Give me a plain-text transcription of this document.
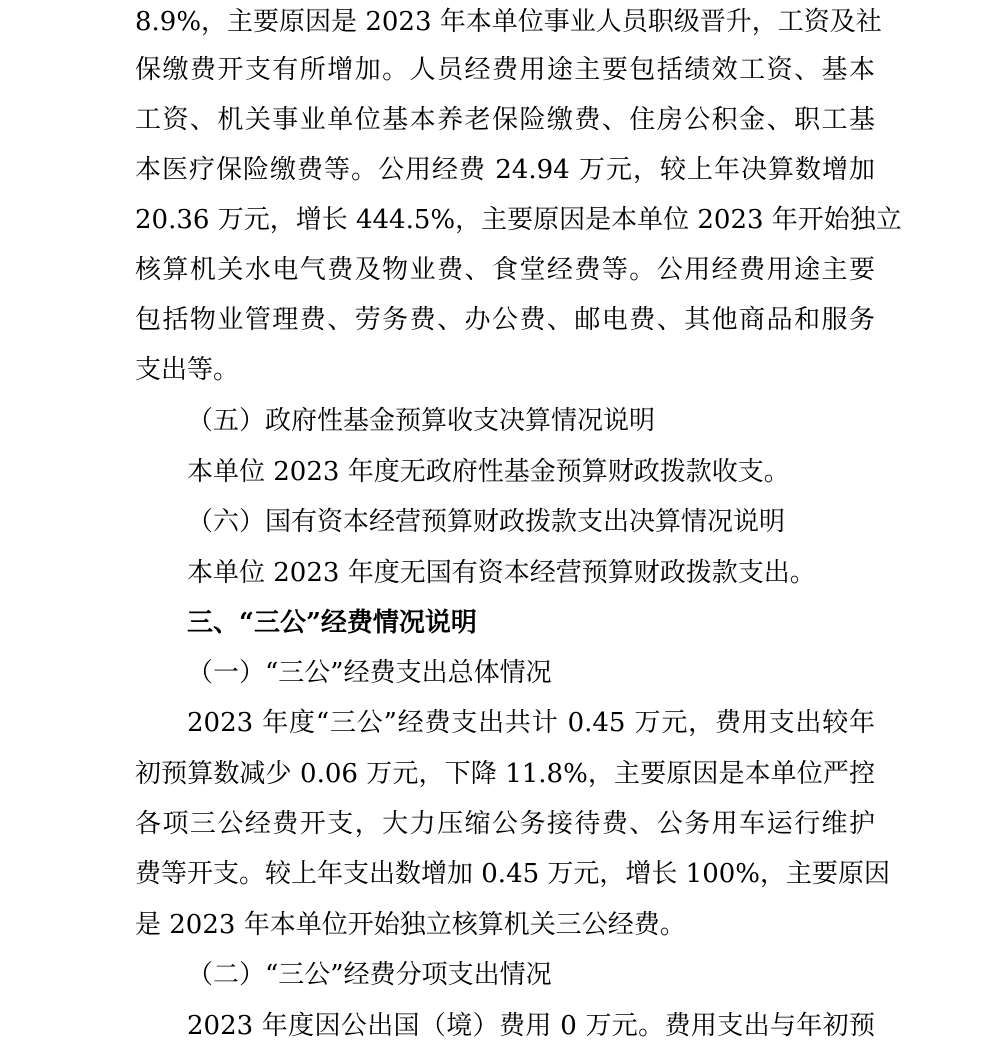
8.9%，主要原因是 2023 年本单位事业人员职级晋升，工资及社
保缴费开支有所增加。人员经费用途主要包括绩效工资、基本
工资、机关事业单位基本养老保险缴费、住房公积金、职工基
本医疗保险缴费等。公用经费 24.94 万元，较上年决算数增加
20.36 万元，增长 444.5%，主要原因是本单位 2023 年开始独立
核算机关水电气费及物业费、食堂经费等。公用经费用途主要
包括物业管理费、劳务费、办公费、邮电费、其他商品和服务
支出等。
（五）政府性基金预算收支决算情况说明
本单位 2023 年度无政府性基金预算财政拨款收支。
（六）国有资本经营预算财政拨款支出决算情况说明
本单位 2023 年度无国有资本经营预算财政拨款支出。
三、“三公”经费情况说明
（一）“三公”经费支出总体情况
2023 年度“三公”经费支出共计 0.45 万元，费用支出较年
初预算数减少 0.06 万元，下降 11.8%，主要原因是本单位严控
各项三公经费开支，大力压缩公务接待费、公务用车运行维护
费等开支。较上年支出数增加 0.45 万元，增长 100%，主要原因
是 2023 年本单位开始独立核算机关三公经费。
（二）“三公”经费分项支出情况
2023 年度因公出国（境）费用 0 万元。费用支出与年初预
